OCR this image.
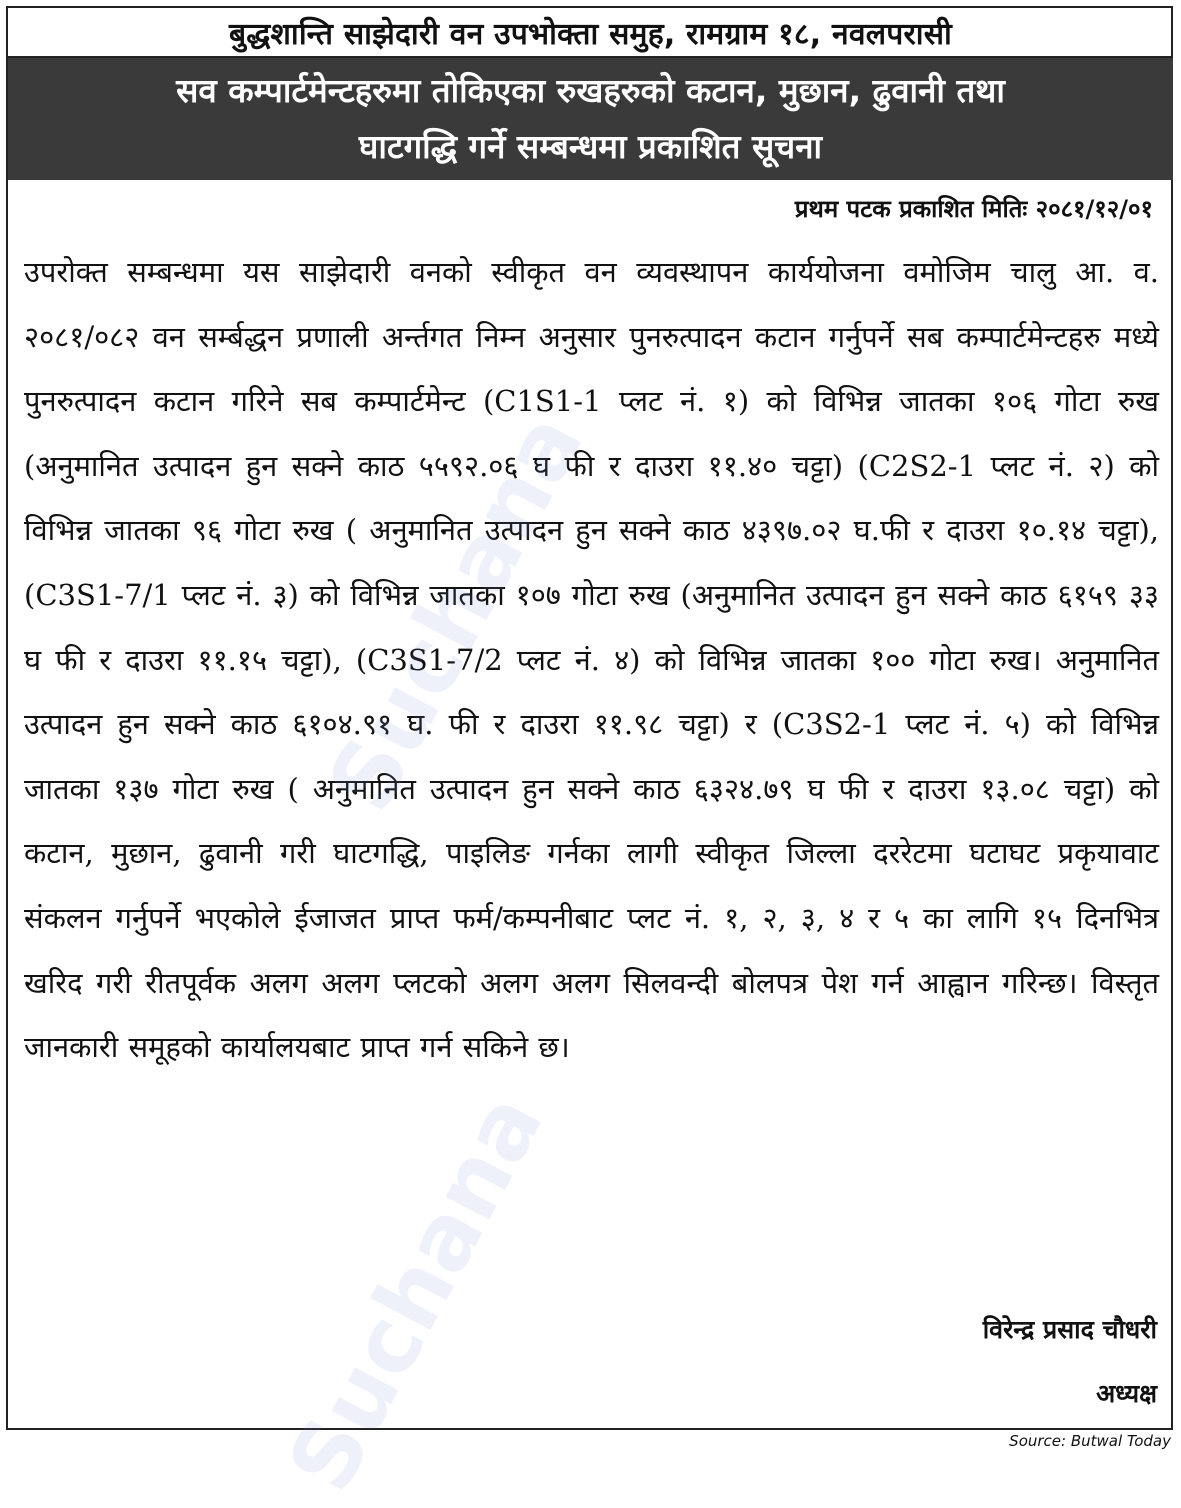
बुद्धशान्ति साझेदारी वन उपभोक्ता समुह, रामग्राम १८, नवलपरासी
सव कम्पार्टमेन्टहरुमा तोकिएका रुखहरुको कटान, मुछान, ढुवानी तथा
घाटगद्धि गर्ने सम्बन्धमा प्रकाशित सूचना
प्रथम पटक प्रकाशित मितिः २०८१/१२/०१
उपरोक्त सम्बन्धमा यस साझेदारी वनको स्वीकृत वन व्यवस्थापन कार्ययोजना वमोजिम चालु आ. व. २०८१/०८२ वन सर्म्बद्धन प्रणाली अर्न्तगत निम्न अनुसार पुनरुत्पादन कटान गर्नुपर्ने सब कम्पार्टमेन्टहरु मध्ये पुनरुत्पादन कटान गरिने सब कम्पार्टमेन्ट (C1S1-1 प्लट नं. १) को विभिन्न जातका १०६ गोटा रुख (अनुमानित उत्पादन हुन सक्ने काठ ५५९२.०६ घ फी र दाउरा ११.४० चट्टा) (C2S2-1 प्लट नं. २) को विभिन्न जातका ९६ गोटा रुख ( अनुमानित उत्पादन हुन सक्ने काठ ४३९७.०२ घ.फी र दाउरा १०.१४ चट्टा), (C3S1-7/1 प्लट नं. ३) को विभिन्न जातका १०७ गोटा रुख (अनुमानित उत्पादन हुन सक्ने काठ ६१५९ ३३ घ फी र दाउरा ११.१५ चट्टा), (C3S1-7/2 प्लट नं. ४) को विभिन्न जातका १०० गोटा रुख। अनुमानित उत्पादन हुन सक्ने काठ ६१०४.९१ घ. फी र दाउरा ११.९८ चट्टा) र (C3S2-1 प्लट नं. ५) को विभिन्न जातका १३७ गोटा रुख ( अनुमानित उत्पादन हुन सक्ने काठ ६३२४.७९ घ फी र दाउरा १३.०८ चट्टा) को कटान, मुछान, ढुवानी गरी घाटगद्धि, पाइलिङ गर्नका लागी स्वीकृत जिल्ला दररेटमा घटाघट प्रकृयावाट संकलन गर्नुपर्ने भएकोले ईजाजत प्राप्त फर्म/कम्पनीबाट प्लट नं. १, २, ३, ४ र ५ का लागि १५ दिनभित्र खरिद गरी रीतपूर्वक अलग अलग प्लटको अलग अलग सिलवन्दी बोलपत्र पेश गर्न आह्वान गरिन्छ। विस्तृत जानकारी समूहको कार्यालयबाट प्राप्त गर्न सकिने छ।
विरेन्द्र प्रसाद चौधरी
अध्यक्ष
Source: Butwal Today
Suchana
Suchana
